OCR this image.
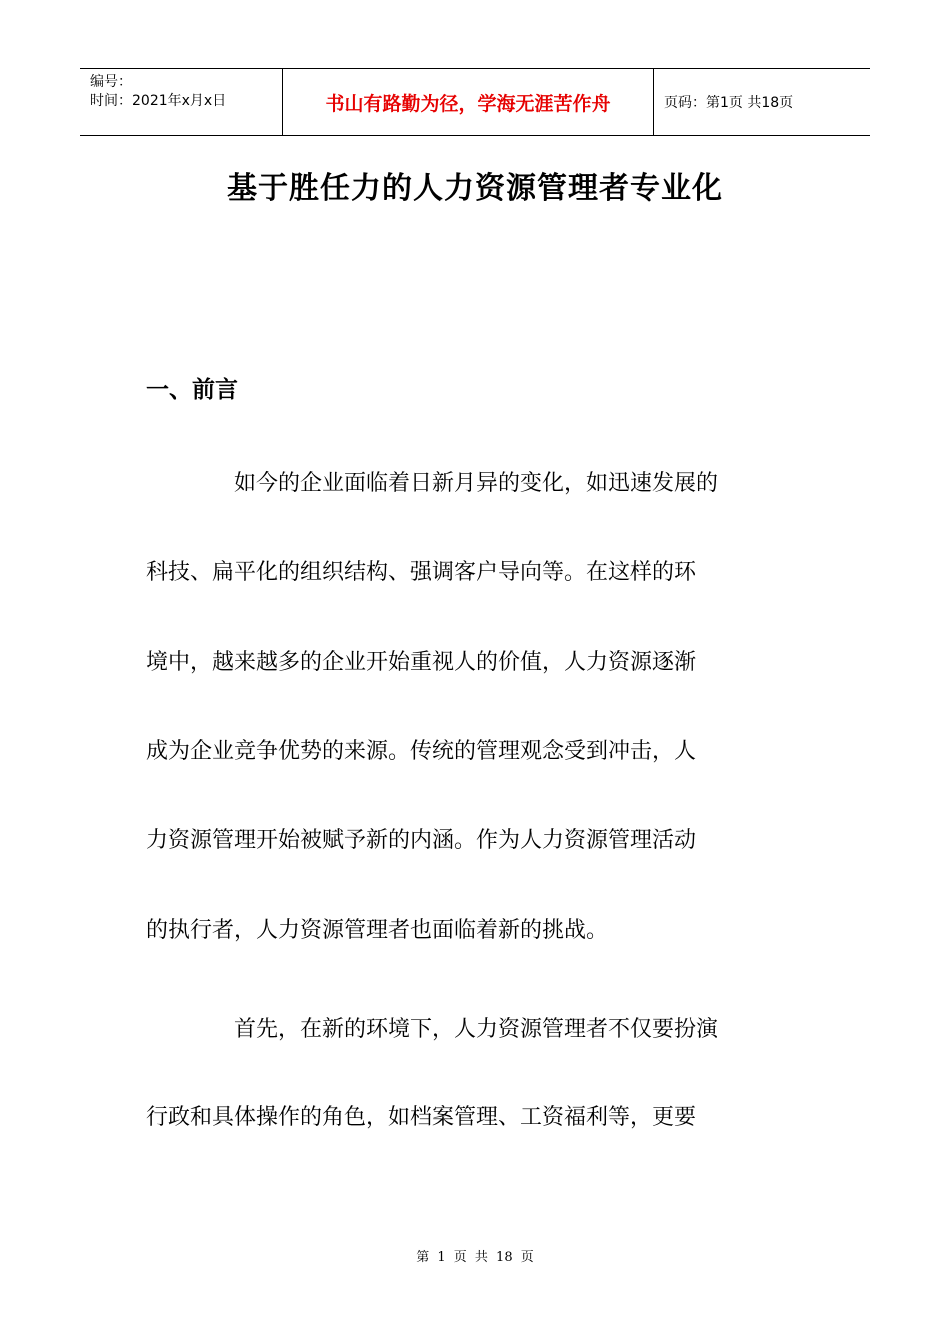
编号：
时间：2021年x月x日	书山有路勤为径，学海无涯苦作舟	页码：第1页 共18页
基于胜任力的人力资源管理者专业化
一、前言
如今的企业面临着日新月异的变化，如迅速发展的
科技、扁平化的组织结构、强调客户导向等。在这样的环
境中，越来越多的企业开始重视人的价值，人力资源逐渐
成为企业竞争优势的来源。传统的管理观念受到冲击，人
力资源管理开始被赋予新的内涵。作为人力资源管理活动
的执行者，人力资源管理者也面临着新的挑战。
首先，在新的环境下，人力资源管理者不仅要扮演
行政和具体操作的角色，如档案管理、工资福利等，更要
第 1 页 共 18 页
